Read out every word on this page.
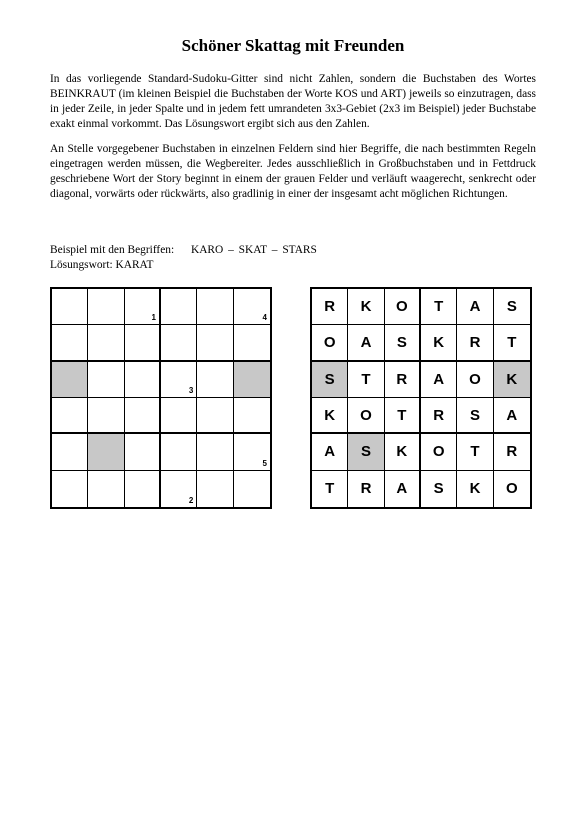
Schöner Skattag mit Freunden

In das vorliegende Standard-Sudoku-Gitter sind nicht Zahlen, sondern die Buchstaben des Wortes BEINKRAUT (im kleinen Beispiel die Buchstaben der Worte KOS und ART) jeweils so einzutragen, dass in jeder Zeile, in jeder Spalte und in jedem fett umrandeten 3x3-Gebiet (2x3 im Beispiel) jeder Buchstabe exakt einmal vorkommt. Das Lösungswort ergibt sich aus den Zahlen.

An Stelle vorgegebener Buchstaben in einzelnen Feldern sind hier Begriffe, die nach bestimmten Regeln eingetragen werden müssen, die Wegbereiter. Jedes ausschließlich in Großbuchstaben und in Fettdruck geschriebene Wort der Story beginnt in einem der grauen Felder und verläuft waagerecht, senkrecht oder diagonal, vorwärts oder rückwärts, also gradlinig in einer der insgesamt acht möglichen Richtungen.

Beispiel mit den Begriffen: KARO – SKAT – STARS
Lösungswort: KARAT
1	4
3
5
2
R K O T A S
O A S K R T
S T R A O K
K O T R S A
A S K O T R
T R A S K O
